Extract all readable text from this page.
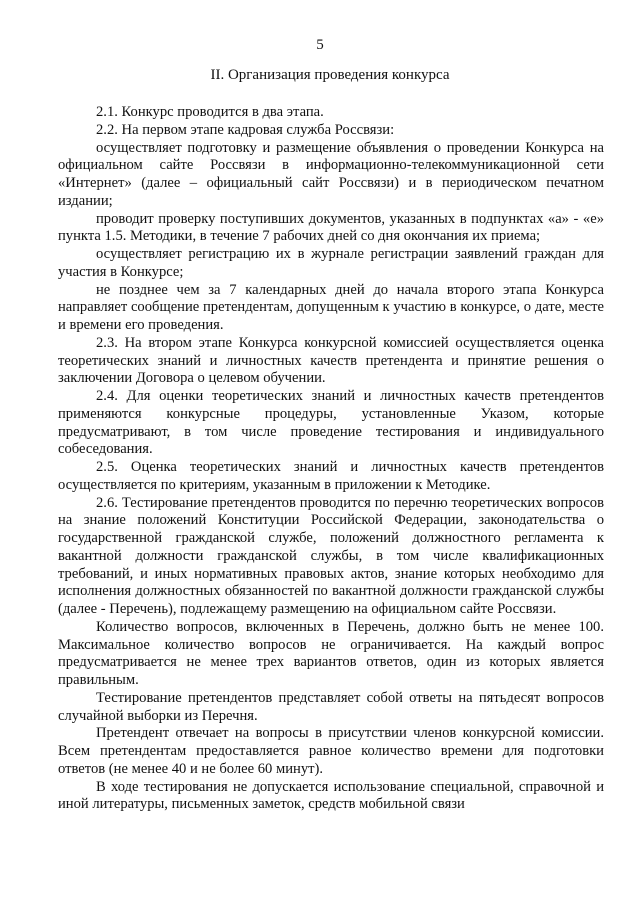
5
II. Организация проведения конкурса

2.1. Конкурс проводится в два этапа.

2.2. На первом этапе кадровая служба Россвязи:

осуществляет подготовку и размещение объявления о проведении Конкурса на официальном сайте Россвязи в информационно-телекоммуникационной сети «Интернет» (далее – официальный сайт Россвязи) и в периодическом печатном издании;

проводит проверку поступивших документов, указанных в подпунктах «а» - «е» пункта 1.5. Методики, в течение 7 рабочих дней со дня окончания их приема;

осуществляет регистрацию их в журнале регистрации заявлений граждан для участия в Конкурсе;

не позднее чем за 7 календарных дней до начала второго этапа Конкурса направляет сообщение претендентам, допущенным к участию в конкурсе, о дате, месте и времени его проведения.

2.3. На втором этапе Конкурса конкурсной комиссией осуществляется оценка теоретических знаний и личностных качеств претендента и принятие решения о заключении Договора о целевом обучении.

2.4. Для оценки теоретических знаний и личностных качеств претендентов применяются конкурсные процедуры, установленные Указом, которые предусматривают, в том числе проведение тестирования и индивидуального собеседования.

2.5. Оценка теоретических знаний и личностных качеств претендентов осуществляется по критериям, указанным в приложении к Методике.

2.6. Тестирование претендентов проводится по перечню теоретических вопросов на знание положений Конституции Российской Федерации, законодательства о государственной гражданской службе, положений должностного регламента к вакантной должности гражданской службы, в том числе квалификационных требований, и иных нормативных правовых актов, знание которых необходимо для исполнения должностных обязанностей по вакантной должности гражданской службы (далее - Перечень), подлежащему размещению на официальном сайте Россвязи.

Количество вопросов, включенных в Перечень, должно быть не менее 100. Максимальное количество вопросов не ограничивается. На каждый вопрос предусматривается не менее трех вариантов ответов, один из которых является правильным.

Тестирование претендентов представляет собой ответы на пятьдесят вопросов случайной выборки из Перечня.

Претендент отвечает на вопросы в присутствии членов конкурсной комиссии. Всем претендентам предоставляется равное количество времени для подготовки ответов (не менее 40 и не более 60 минут).

В ходе тестирования не допускается использование специальной, справочной и иной литературы, письменных заметок, средств мобильной связи
